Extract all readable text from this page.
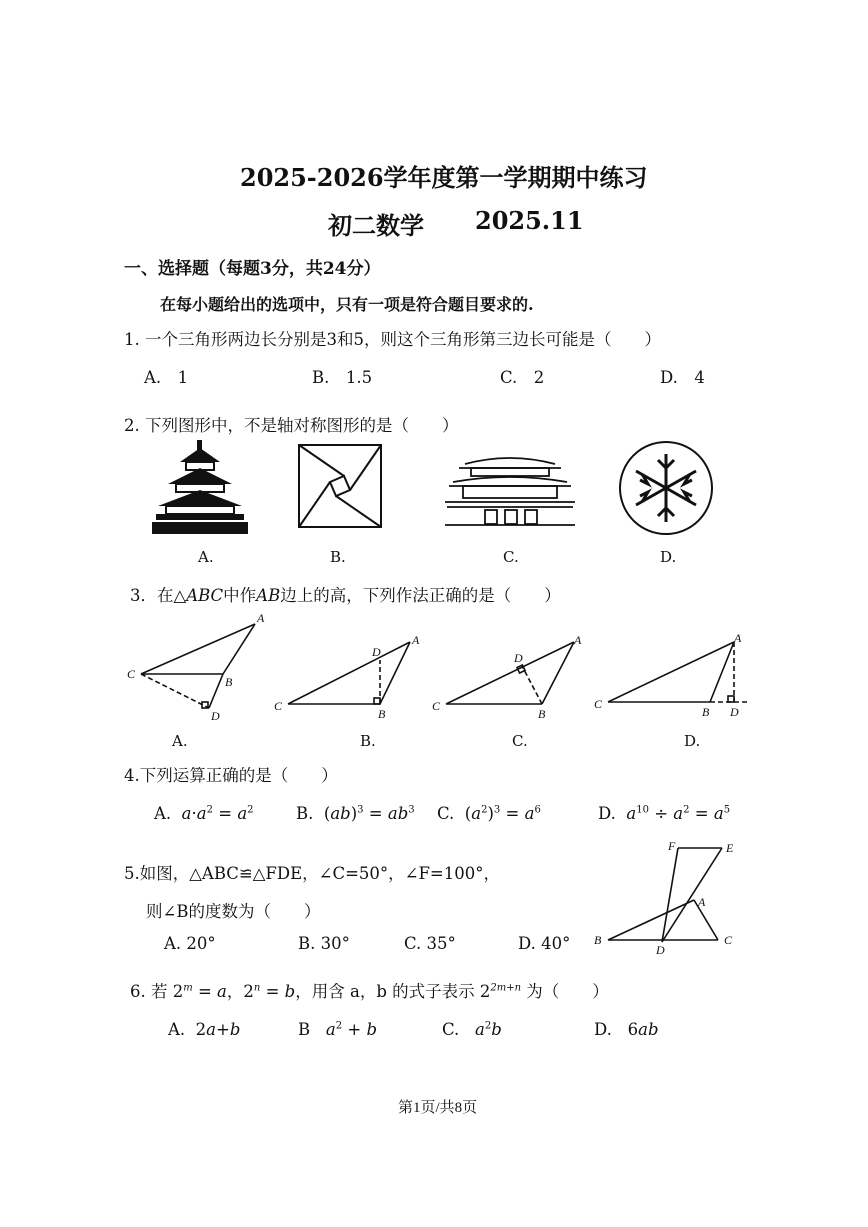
2025-2026学年度第一学期期中练习
初二数学 2025.11
一、选择题（每题3分，共24分）
在每小题给出的选项中，只有一项是符合题目要求的.
1. 一个三角形两边长分别是3和5，则这个三角形第三边长可能是（　　）
A.　1	B.　1.5	C.　2	D.　4
2. 下列图形中，不是轴对称图形的是（　　）
A.	B.	C.	D.
3．在△ABC中作AB边上的高，下列作法正确的是（　　）
A
C
B
D
A.
A
C
B
D
B.
A
C
B
D
C.
A
C
B D
D.
4.下列运算正确的是（　　）
A. $a\cdot a^2 = a^2$	B.  $(ab)^3 = ab^3$ C.  $(a^2)^3 = a^6$	D. $a^{10} \div a^2 = a^5$
5.如图，△ABC≌△FDE，∠C=50°，∠F=100°，
则∠B的度数为（　　）
A. 20°	B. 30°	C. 35°	D. 40°
F	E
A
B
D
C
6. 若 $2^m = a$，$2^n = b$，用含 a，b 的式子表示 $2^{2m+n}$ 为（　　）
A.  2a+b	B $a^2 + b$	C. $a^2b$	D.   6ab
第1页/共8页
